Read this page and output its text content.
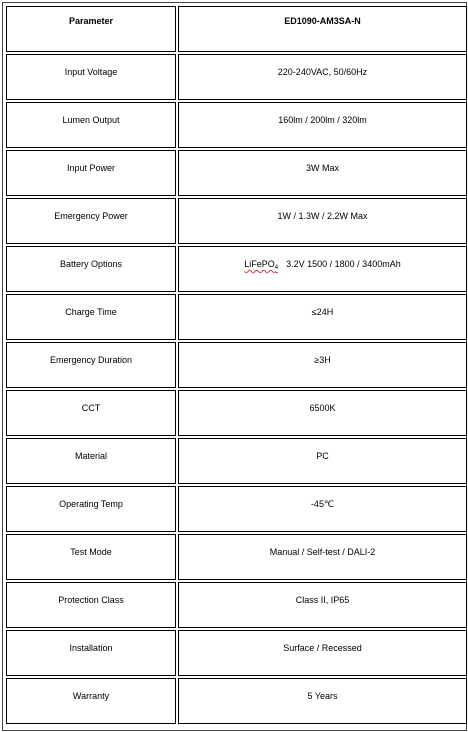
Parameter	ED1090-AM3SA-N
Input Voltage	220-240VAC, 50/60Hz
Lumen Output	160lm / 200lm / 320lm
Input Power	3W Max
Emergency Power	1W / 1.3W / 2.2W Max
Battery Options	LiFePO$_4$ 3.2V 1500 / 1800 / 3400mAh
Charge Time	≤24H
Emergency Duration	≥3H
CCT	6500K
Material	PC
Operating Temp	-45℃
Test Mode	Manual / Self-test / DALI-2
Protection Class	Class II, IP65
Installation	Surface / Recessed
Warranty	5 Years
